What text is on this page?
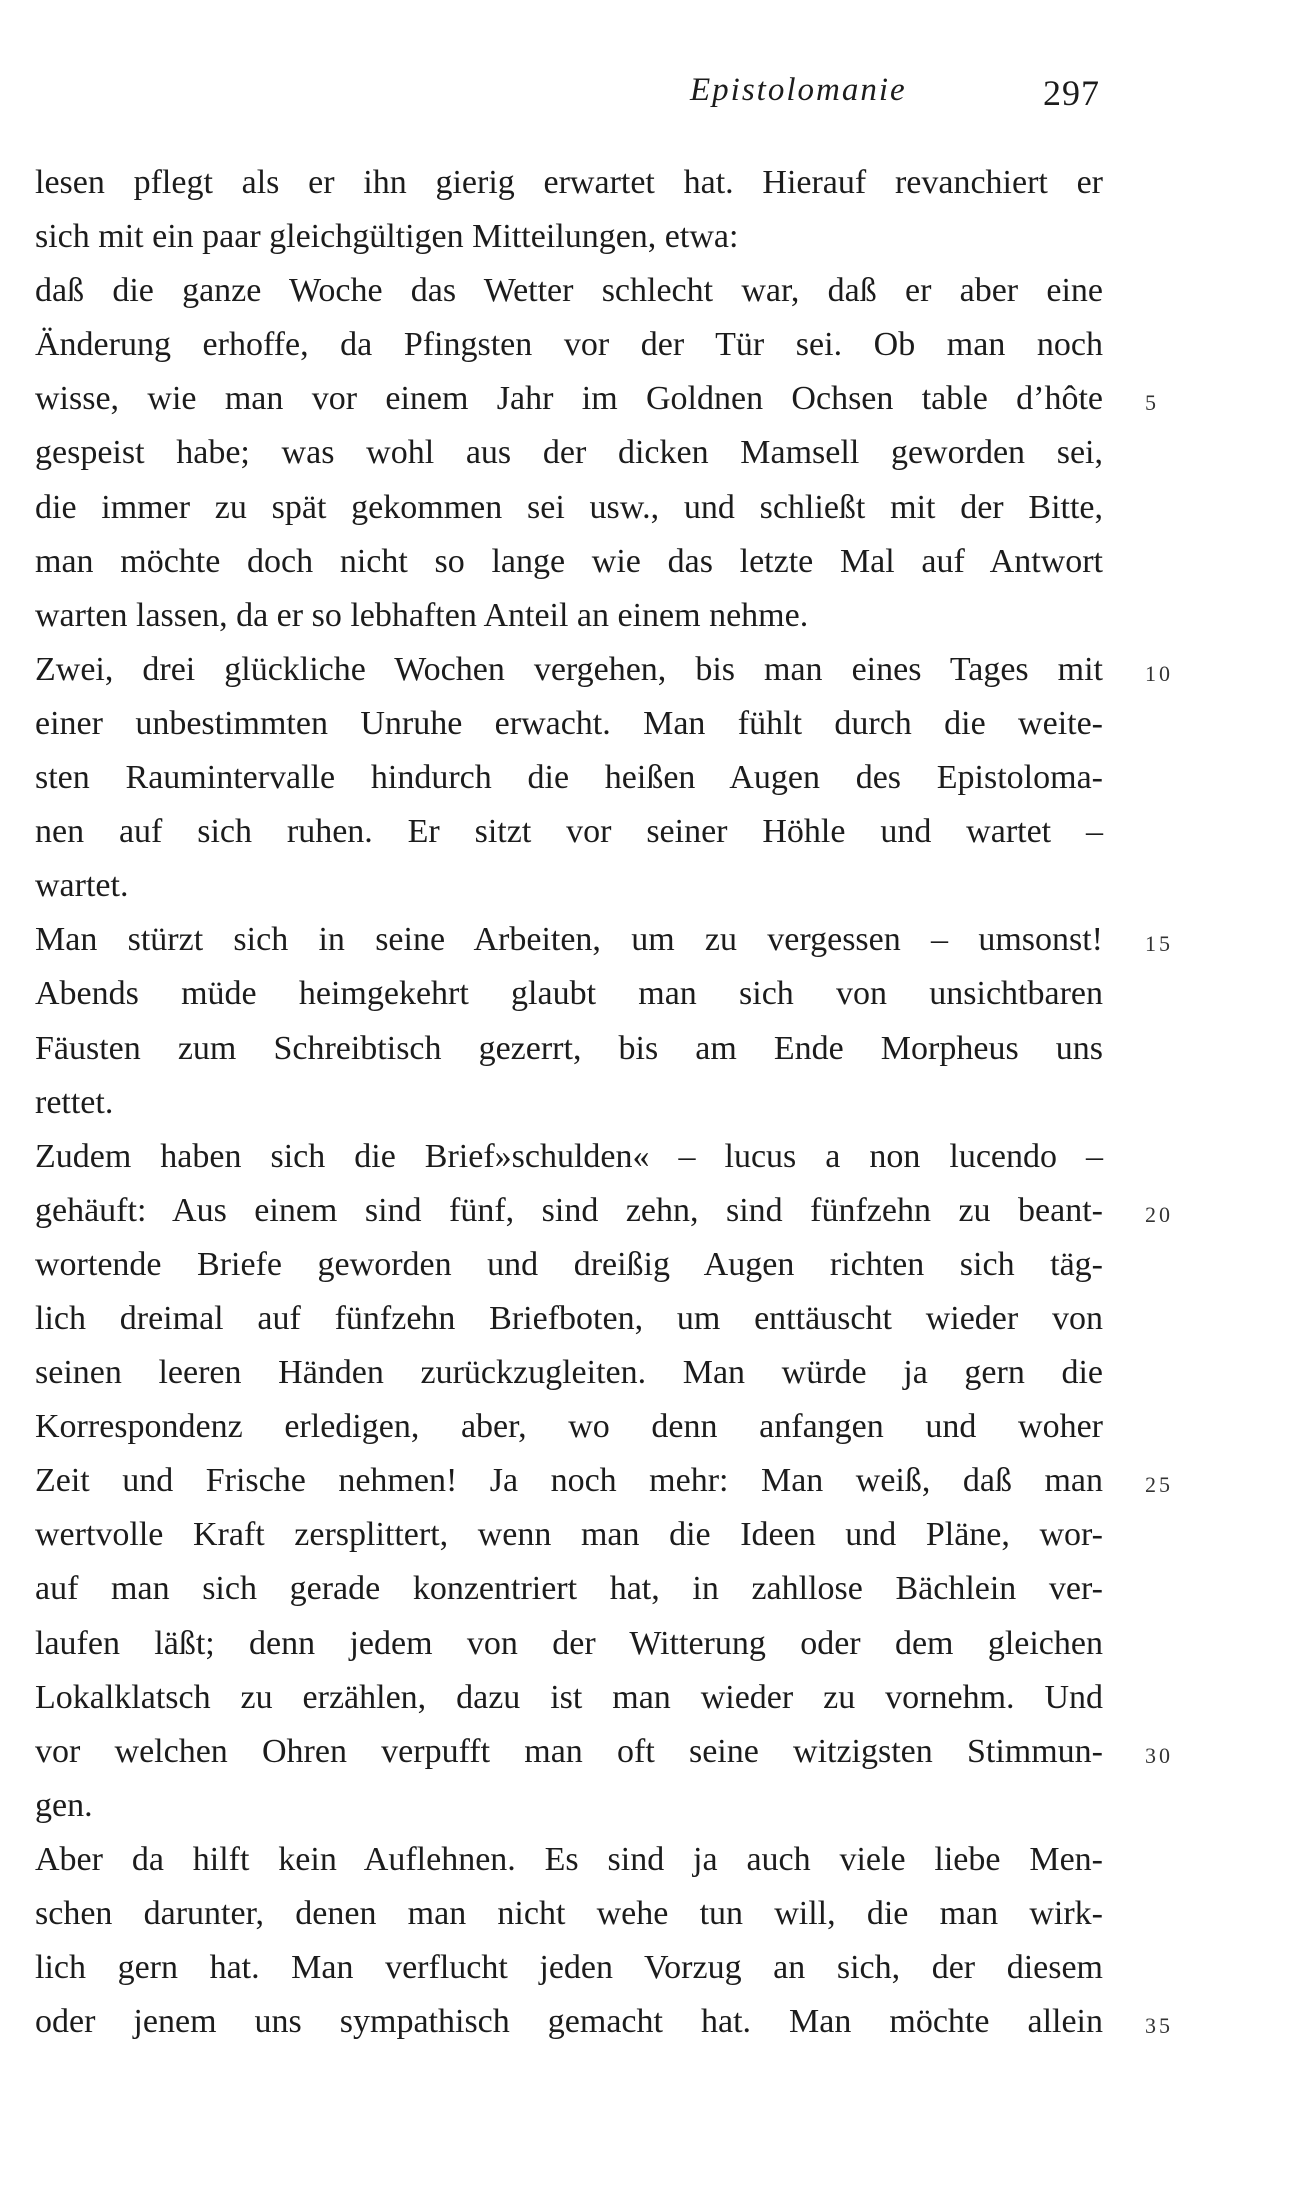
Epistolomanie	297
lesen pflegt als er ihn gierig erwartet hat. Hierauf revanchiert er
sich mit ein paar gleichgültigen Mitteilungen, etwa:
daß die ganze Woche das Wetter schlecht war, daß er aber eine
Änderung erhoffe, da Pfingsten vor der Tür sei. Ob man noch
wisse, wie man vor einem Jahr im Goldnen Ochsen table d’hôte 5
gespeist habe; was wohl aus der dicken Mamsell geworden sei,
die immer zu spät gekommen sei usw., und schließt mit der Bitte,
man möchte doch nicht so lange wie das letzte Mal auf Antwort
warten lassen, da er so lebhaften Anteil an einem nehme.
Zwei, drei glückliche Wochen vergehen, bis man eines Tages mit 10
einer unbestimmten Unruhe erwacht. Man fühlt durch die weite-
sten Raumintervalle hindurch die heißen Augen des Epistoloma-
nen auf sich ruhen. Er sitzt vor seiner Höhle und wartet –
wartet.
Man stürzt sich in seine Arbeiten, um zu vergessen – umsonst! 15
Abends müde heimgekehrt glaubt man sich von unsichtbaren
Fäusten zum Schreibtisch gezerrt, bis am Ende Morpheus uns
rettet.
Zudem haben sich die Brief»schulden« – lucus a non lucendo –
gehäuft: Aus einem sind fünf, sind zehn, sind fünfzehn zu beant- 20
wortende Briefe geworden und dreißig Augen richten sich täg-
lich dreimal auf fünfzehn Briefboten, um enttäuscht wieder von
seinen leeren Händen zurückzugleiten. Man würde ja gern die
Korrespondenz erledigen, aber, wo denn anfangen und woher
Zeit und Frische nehmen! Ja noch mehr: Man weiß, daß man 25
wertvolle Kraft zersplittert, wenn man die Ideen und Pläne, wor-
auf man sich gerade konzentriert hat, in zahllose Bächlein ver-
laufen läßt; denn jedem von der Witterung oder dem gleichen
Lokalklatsch zu erzählen, dazu ist man wieder zu vornehm. Und
vor welchen Ohren verpufft man oft seine witzigsten Stimmun- 30
gen.
Aber da hilft kein Auflehnen. Es sind ja auch viele liebe Men-
schen darunter, denen man nicht wehe tun will, die man wirk-
lich gern hat. Man verflucht jeden Vorzug an sich, der diesem
oder jenem uns sympathisch gemacht hat. Man möchte allein 35
